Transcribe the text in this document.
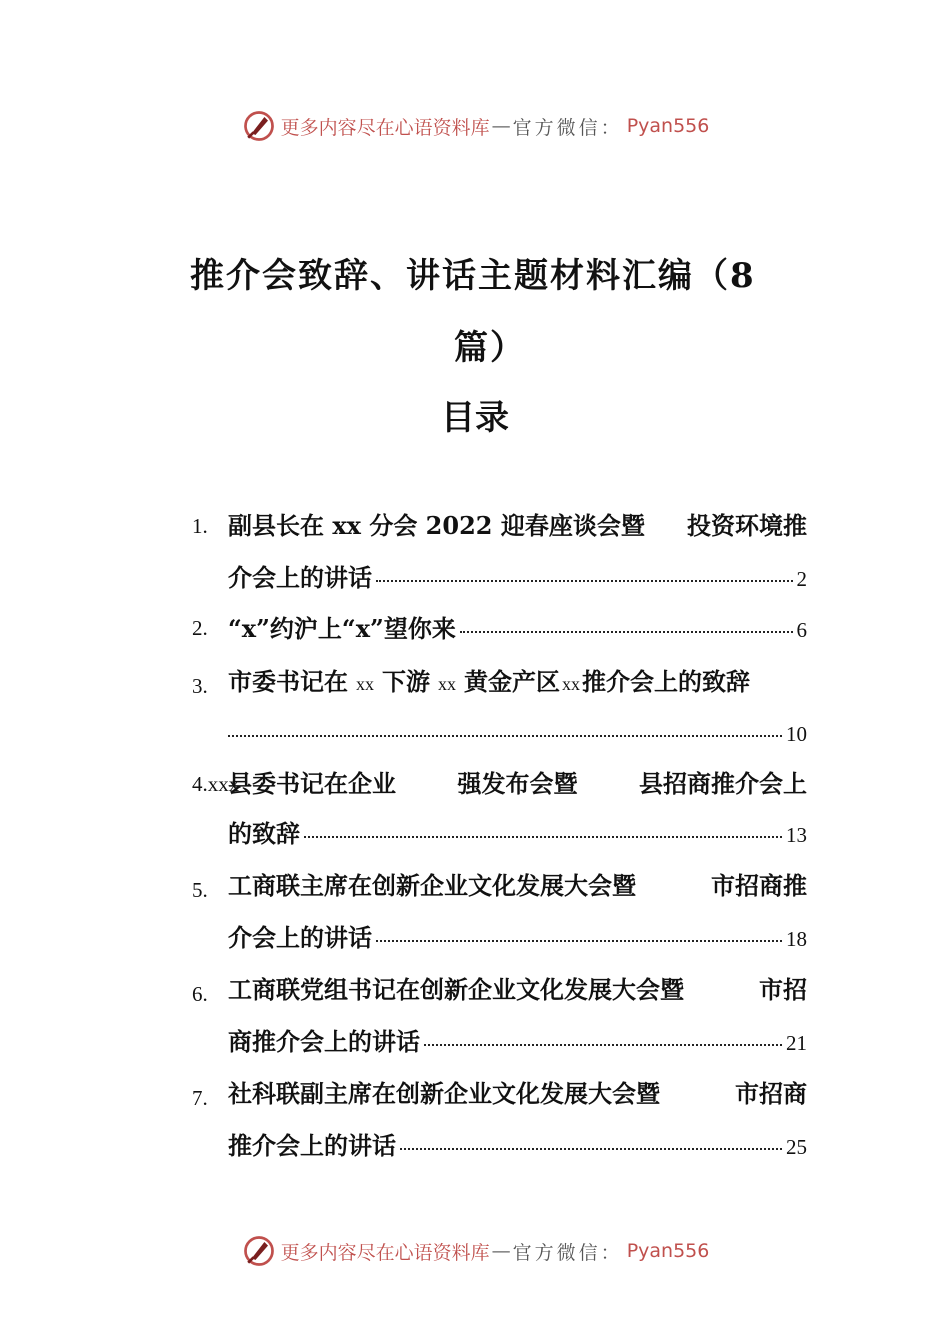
更多内容尽在心语资料库 — 官方微信： Pyan556
推介会致辞、讲话主题材料汇编（8
篇）
目录
1. 副县长在 xx 分会 2022 迎春座谈会暨 投资环境推
介会上的讲话	2
2. “x”约沪上“x”望你来	6
3. 市委书记在 xx 下游 xx 黄金产区 xx 推介会上的致辞
10
4.xxx
县委书记在企业	强发布会暨	县招商推介会上
的致辞	13
5. 工商联主席在创新企业文化发展大会暨	市招商推
介会上的讲话	18
6. 工商联党组书记在创新企业文化发展大会暨	市招
商推介会上的讲话	21
7. 社科联副主席在创新企业文化发展大会暨	市招商
推介会上的讲话	25
更多内容尽在心语资料库 — 官方微信： Pyan556
